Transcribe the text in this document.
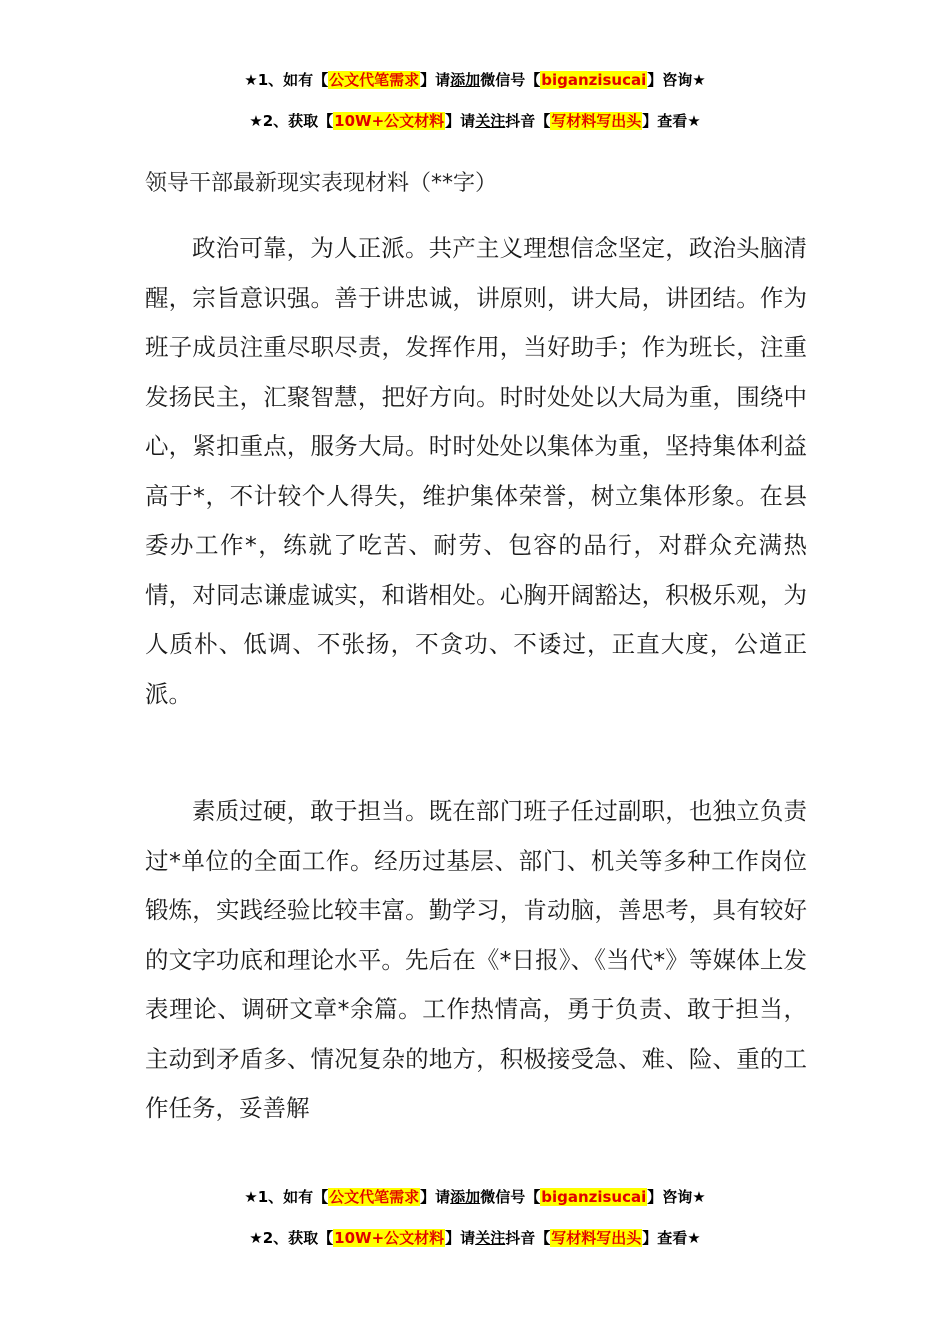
★1、如有【公文代笔需求】请添加微信号【biganzisucai】咨询★
★2、获取【10W+公文材料】请关注抖音【写材料写出头】查看★
领导干部最新现实表现材料（**字）

政治可靠，为人正派。共产主义理想信念坚定，政治头脑清醒，宗旨意识强。善于讲忠诚，讲原则，讲大局，讲团结。作为班子成员注重尽职尽责，发挥作用，当好助手；作为班长，注重发扬民主，汇聚智慧，把好方向。时时处处以大局为重，围绕中心，紧扣重点，服务大局。时时处处以集体为重，坚持集体利益高于*，不计较个人得失，维护集体荣誉，树立集体形象。在县委办工作*，练就了吃苦、耐劳、包容的品行，对群众充满热情，对同志谦虚诚实，和谐相处。心胸开阔豁达，积极乐观，为人质朴、低调、不张扬，不贪功、不诿过，正直大度，公道正派。

素质过硬，敢于担当。既在部门班子任过副职，也独立负责过*单位的全面工作。经历过基层、部门、机关等多种工作岗位锻炼，实践经验比较丰富。勤学习，肯动脑，善思考，具有较好的文字功底和理论水平。先后在《*日报》、《当代*》等媒体上发表理论、调研文章*余篇。工作热情高，勇于负责、敢于担当，主动到矛盾多、情况复杂的地方，积极接受急、难、险、重的工作任务，妥善解

★1、如有【公文代笔需求】请添加微信号【biganzisucai】咨询★
★2、获取【10W+公文材料】请关注抖音【写材料写出头】查看★
